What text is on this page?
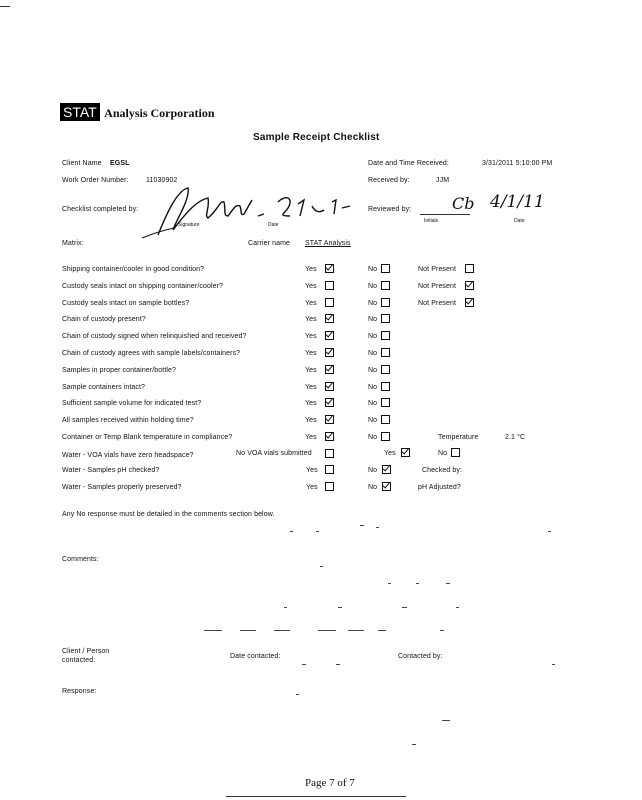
STAT Analysis Corporation
Sample Receipt Checklist
Client Name EGSL
Work Order Number: 11030902
Checklist completed by:
Signature	Date
Matrix:	Carrier name STAT Analysis
Date and Time Received:	3/31/2011 5:10:00 PM
Received by:	JJM
Reviewed by:	Cb 4/1/11
Initials	Date
Shipping container/cooler in good condition?	Yes	No	Not Present
Custody seals intact on shipping container/cooler?	Yes	No	Not Present
Custody seals intact on sample bottles?	Yes	No	Not Present
Chain of custody present?	Yes	No
Chain of custody signed when relinquished and received?	Yes	No
Chain of custody agrees with sample labels/containers?	Yes	No
Samples in proper container/bottle?	Yes	No
Sample containers intact?	Yes	No
Sufficient sample volume for indicated test?	Yes	No
All samples received within holding time?	Yes	No
Container or Temp Blank temperature in compliance?	Yes	No	Temperature	2.1 °C
Water - VOA vials have zero headspace?	No VOA vials submitted	Yes	No
Water - Samples pH checked?	Yes	No	Checked by:
Water - Samples properly preserved?	Yes	No	pH Adjusted?
Any No response must be detailed in the comments section below.
Comments:
Client / Person
contacted:
Date contacted:	Contacted by:
Response:
Page 7 of 7
